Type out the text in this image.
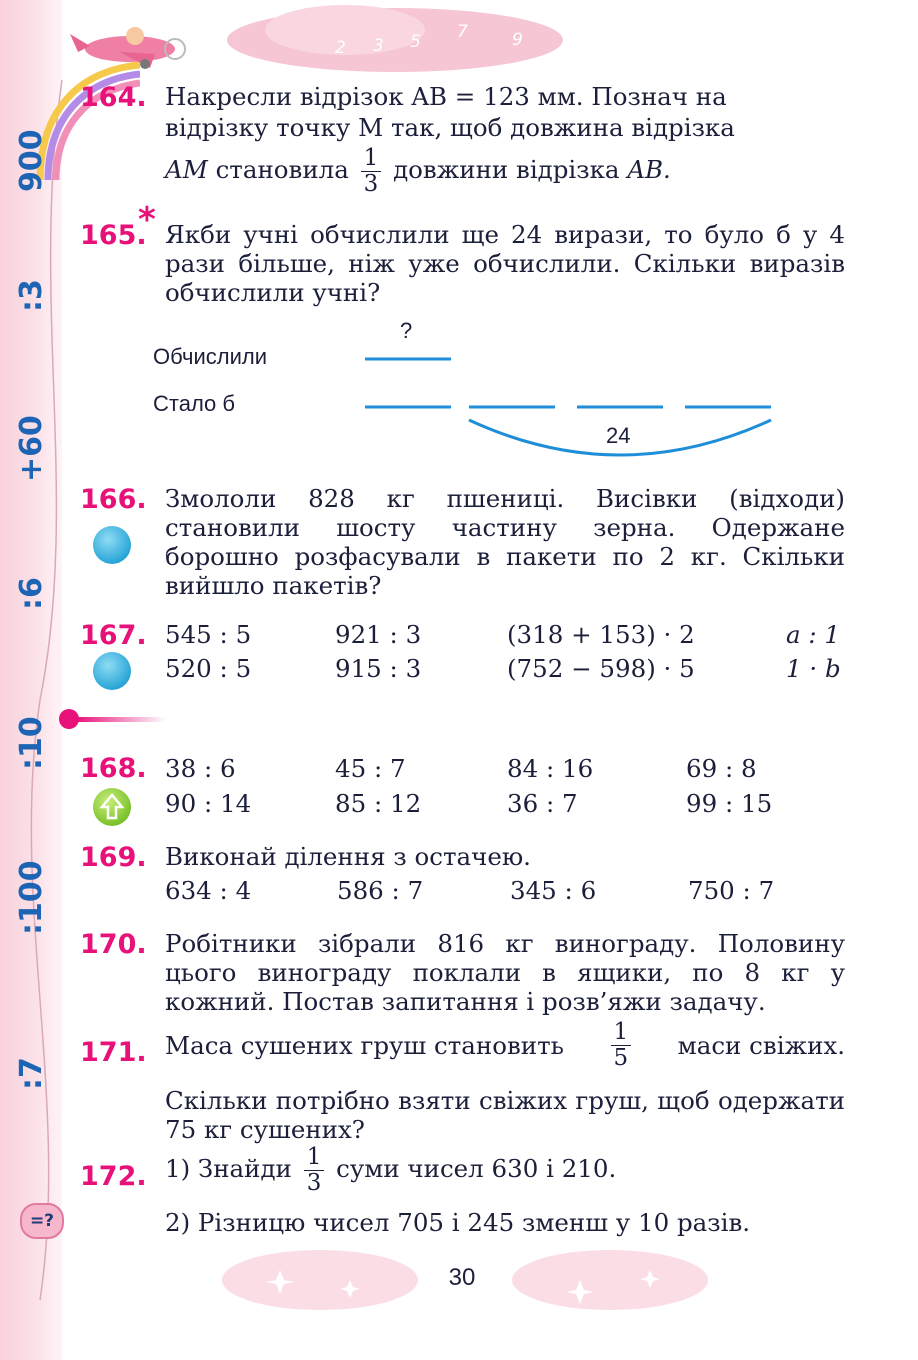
2 3 5 7	9
900
:3
+60
:6
:10
:100
:7
=?
164. Накресли відрізок AB = 123 мм. Познач на
відрізку точку M так, щоб довжина відрізка
AM становила $\frac{1}{3}$ довжини відрізка AB.
165.
* Якби учні обчислили ще 24 вирази, то було б у 4 рази більше, ніж уже обчислили. Скільки виразів обчислили учні?
?
Обчислили
Стало б
24
166. Змололи 828 кг пшениці. Висівки (відходи) становили шосту частину зерна. Одержане борошно розфасували в пакети по 2 кг. Скільки вийшло пакетів?
167. 545 : 5	921 : 3	(318 + 153) · 2	a : 1
520 : 5	915 : 3	(752 − 598) · 5	1 · b
168. 38 : 6	45 : 7	84 : 16	69 : 8
90 : 14	85 : 12	36 : 7	99 : 15
169. Виконай ділення з остачею.
634 : 4	586 : 7	345 : 6	750 : 7
170. Робітники зібрали 816 кг винограду. Половину цього винограду поклали в ящики, по 8 кг у кожний. Постав запитання і розв’яжи задачу.
171. Маса сушених груш становить $\frac{1}{5}$ маси свіжих.
Скільки потрібно взяти свіжих груш, щоб одержати 75 кг сушених?
172. 1) Знайди $\frac{1}{3}$ суми чисел 630 і 210.
2) Різницю чисел 705 і 245 зменш у 10 разів.
30
